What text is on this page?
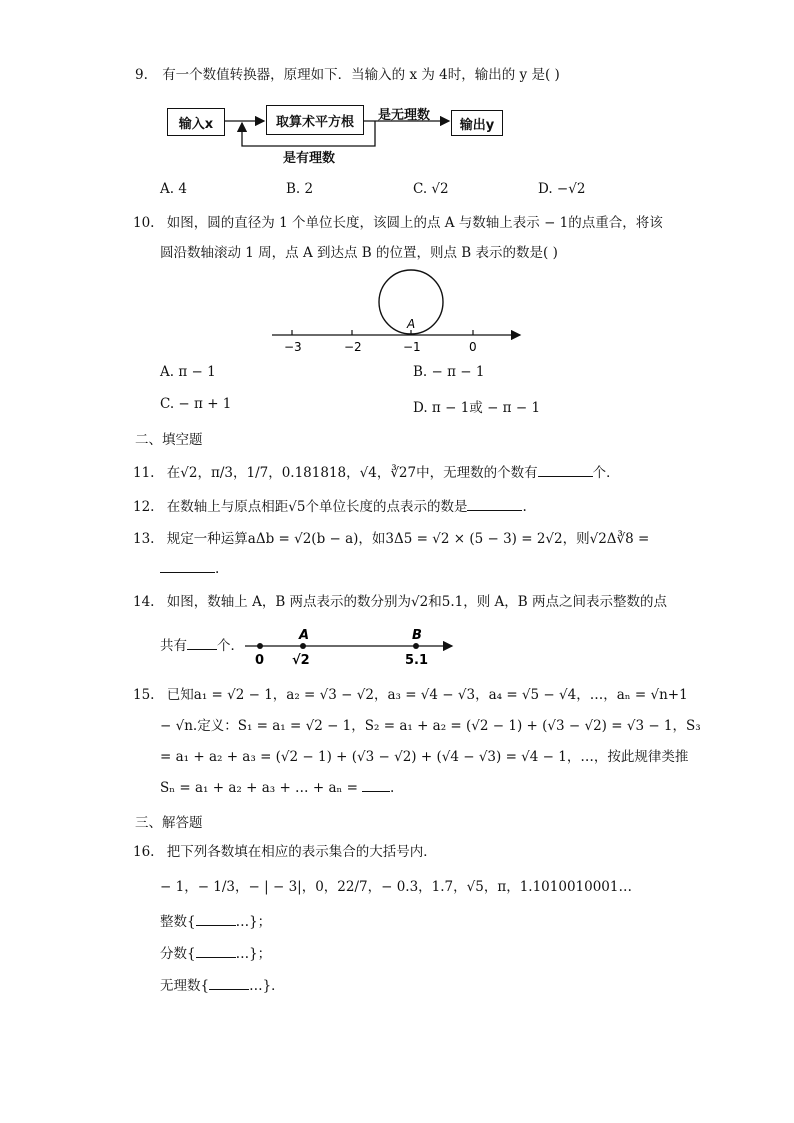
9. 有一个数值转换器，原理如下．当输入的 x 为 4时，输出的 y 是( )
输入x	取算术平方根	输出y
是无理数
是有理数
A. 4	B. 2	C. √2	D. −√2
10. 如图，圆的直径为 1 个单位长度，该圆上的点 A 与数轴上表示 − 1的点重合，将该
圆沿数轴滚动 1 周，点 A 到达点 B 的位置，则点 B 表示的数是( )
A
−3	−2	−1	0
A. π − 1	B. − π − 1
C. − π + 1	D. π − 1或 − π − 1
二、填空题
11. 在√2，π/3，1/7，0.181818，√4，∛27中，无理数的个数有	个．
12. 在数轴上与原点相距√5个单位长度的点表示的数是	.
13. 规定一种运算aΔb = √2(b − a)，如3Δ5 = √2 × (5 − 3) = 2√2，则√2Δ∛8 =
.
14. 如图，数轴上 A，B 两点表示的数分别为√2和5.1，则 A，B 两点之间表示整数的点
共有 个．
A	B
0 √2	5.1
15. 已知a₁ = √2 − 1，a₂ = √3 − √2，a₃ = √4 − √3，a₄ = √5 − √4，…，aₙ = √n+1
− √n.定义：S₁ = a₁ = √2 − 1，S₂ = a₁ + a₂ = (√2 − 1) + (√3 − √2) = √3 − 1，S₃
= a₁ + a₂ + a₃ = (√2 − 1) + (√3 − √2) + (√4 − √3) = √4 − 1，…，按此规律类推
Sₙ = a₁ + a₂ + a₃ + … + aₙ = .
三、解答题
16. 把下列各数填在相应的表示集合的大括号内．
− 1，− 1/3，− | − 3|，0，22/7，− 0.3，1.7，√5，π，1.1010010001…
整数{	…}；
分数{	…}；
无理数{	…}．
